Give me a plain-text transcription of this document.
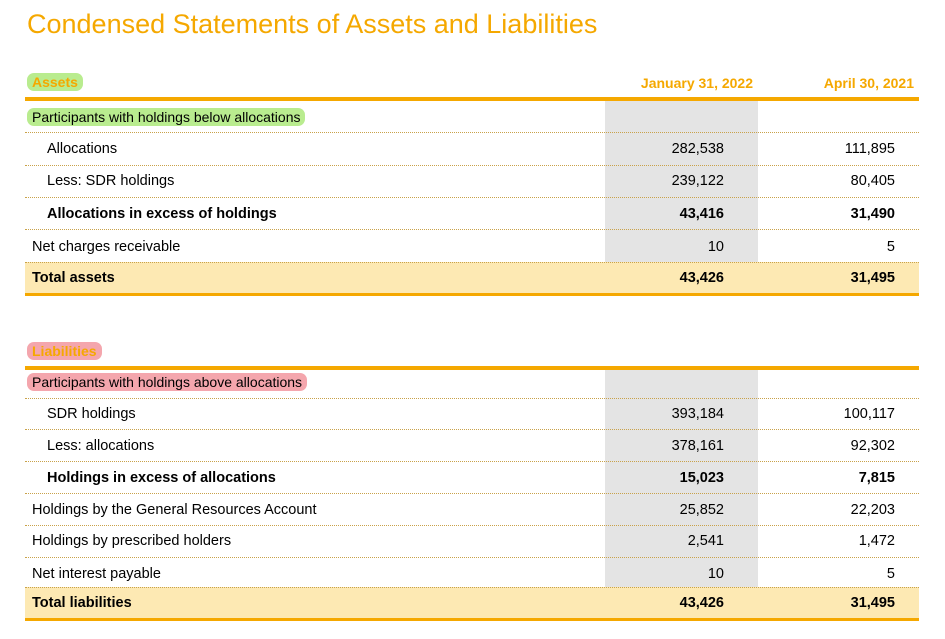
Condensed Statements of Assets and Liabilities
Assets	January 31, 2022	April 30, 2021
Participants with holdings below allocations
Allocations	282,538	111,895
Less: SDR holdings	239,122	80,405
Allocations in excess of holdings	43,416	31,490
Net charges receivable	10	5
Total assets	43,426	31,495
Liabilities
Participants with holdings above allocations
SDR holdings	393,184	100,117
Less: allocations	378,161	92,302
Holdings in excess of allocations	15,023	7,815
Holdings by the General Resources Account	25,852	22,203
Holdings by prescribed holders	2,541	1,472
Net interest payable	10	5
Total liabilities	43,426	31,495
